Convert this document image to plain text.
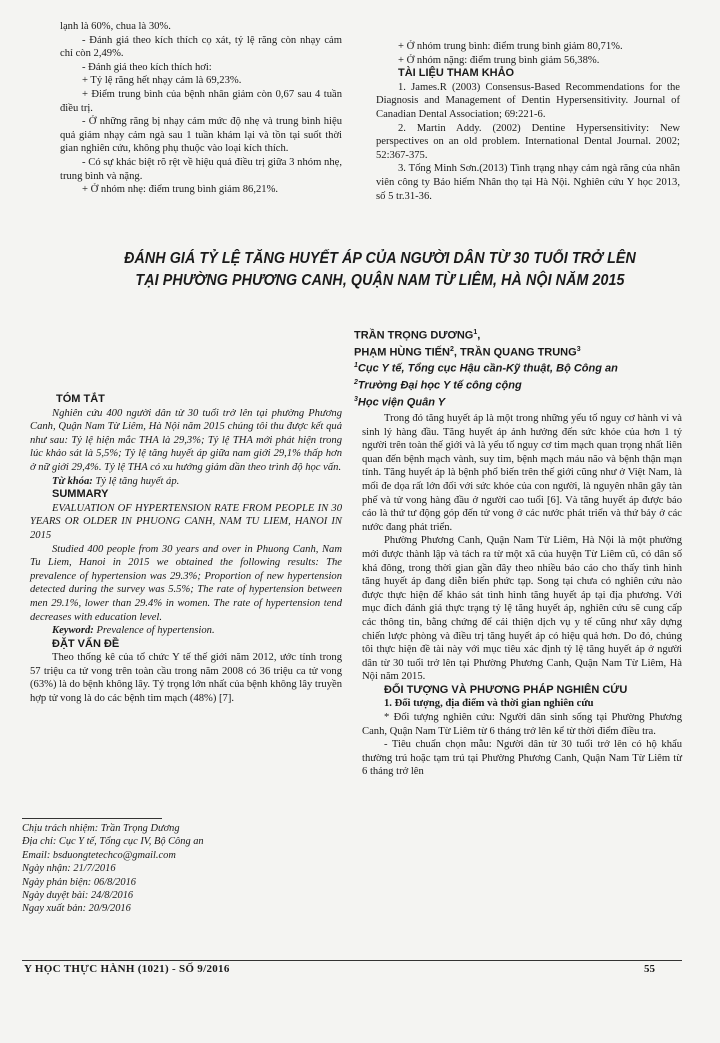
lạnh là 60%, chua là 30%.

- Đánh giá theo kích thích cọ xát, tỷ lệ răng còn nhạy cảm chỉ còn 2,49%.

- Đánh giá theo kích thích hơi:

+ Tỷ lệ răng hết nhạy cảm là 69,23%.

+ Điểm trung bình của bệnh nhân giảm còn 0,67 sau 4 tuần điều trị.

- Ở những răng bị nhạy cảm mức độ nhẹ và trung bình hiệu quả giảm nhạy cảm ngà sau 1 tuần khám lại và tồn tại suốt thời gian nghiên cứu, không phụ thuộc vào loại kích thích.

- Có sự khác biệt rõ rệt về hiệu quả điều trị giữa 3 nhóm nhẹ, trung bình và nặng.

+ Ở nhóm nhẹ: điểm trung bình giảm 86,21%.

+ Ở nhóm trung bình: điểm trung bình giảm 80,71%.

+ Ở nhóm nặng: điểm trung bình giảm 56,38%.

TÀI LIỆU THAM KHẢO

1. James.R (2003) Consensus-Based Recommendations for the Diagnosis and Management of Dentin Hypersensitivity. Journal of Canadian Dental Association; 69:221-6.

2. Martin Addy. (2002) Dentine Hypersensitivity: New perspectives on an old problem. International Dental Journal. 2002; 52:367-375.

3. Tống Minh Sơn.(2013) Tình trạng nhạy cảm ngà răng của nhân viên công ty Bảo hiểm Nhân thọ tại Hà Nội. Nghiên cứu Y học 2013, số 5 tr.31-36.

ĐÁNH GIÁ TỶ LỆ TĂNG HUYẾT ÁP CỦA NGƯỜI DÂN TỪ 30 TUỔI TRỞ LÊN
TẠI PHƯỜNG PHƯƠNG CANH, QUẬN NAM TỪ LIÊM, HÀ NỘI NĂM 2015
TRẦN TRỌNG DƯƠNG$^1$,
PHẠM HÙNG TIẾN$^2$, TRẦN QUANG TRUNG$^3$
$^1$Cục Y tế, Tổng cục Hậu cần-Kỹ thuật, Bộ Công an
$^2$Trường Đại học Y tế công cộng
$^3$Học viện Quân Y

TÓM TẮT

Nghiên cứu 400 người dân từ 30 tuổi trở lên tại phường Phương Canh, Quận Nam Từ Liêm, Hà Nội năm 2015 chúng tôi thu được kết quả như sau: Tỷ lệ hiện mắc THA là 29,3%; Tỷ lệ THA mới phát hiện trong lúc khảo sát là 5,5%; Tỷ lệ tăng huyết áp giữa nam giới 29,1% thấp hơn ở nữ giới 29,4%. Tỷ lệ THA có xu hướng giảm dần theo trình độ học vấn.

Từ khóa: Tỷ lệ tăng huyết áp.

SUMMARY

EVALUATION OF HYPERTENSION RATE FROM PEOPLE IN 30 YEARS OR OLDER IN PHUONG CANH, NAM TU LIEM, HANOI IN 2015

Studied 400 people from 30 years and over in Phuong Canh, Nam Tu Liem, Hanoi in 2015 we obtained the following results: The prevalence of hypertension was 29.3%; Proportion of new hypertension detected during the survey was 5.5%; The rate of hypertension between men 29.1%, lower than 29.4% in women. The rate of hypertension tend decreases with education level.

Keyword: Prevalence of hypertension.

ĐẶT VẤN ĐỀ

Theo thống kê của tổ chức Y tế thế giới năm 2012, ước tính trong 57 triệu ca tử vong trên toàn cầu trong năm 2008 có 36 triệu ca tử vong (63%) là do bệnh không lây. Tỷ trọng lớn nhất của bệnh không lây truyền hợp tử vong là do các bệnh tim mạch (48%) [7].

Chịu trách nhiệm: Trần Trọng Dương
Địa chỉ: Cục Y tế, Tổng cục IV, Bộ Công an
Email: bsduongtetechco@gmail.com
Ngày nhận: 21/7/2016
Ngày phản biện: 06/8/2016
Ngày duyệt bài: 24/8/2016
Ngay xuất bản: 20/9/2016

Trong đó tăng huyết áp là một trong những yếu tố nguy cơ hành vi và sinh lý hàng đầu. Tăng huyết áp ảnh hưởng đến sức khỏe của hơn 1 tỷ người trên toàn thế giới và là yếu tố nguy cơ tim mạch quan trọng nhất liên quan đến bệnh mạch vành, suy tim, bệnh mạch máu não và bệnh thận mạn tính. Tăng huyết áp là bệnh phổ biến trên thế giới cũng như ở Việt Nam, là mối đe dọa rất lớn đối với sức khỏe của con người, là nguyên nhân gây tàn phế và tử vong hàng đầu ở người cao tuổi [6]. Và tăng huyết áp được báo cáo là thứ tư động góp đến tử vong ở các nước phát triển và thứ bảy ở các nước đang phát triển.

Phường Phương Canh, Quận Nam Từ Liêm, Hà Nội là một phường mới được thành lập và tách ra từ một xã của huyện Từ Liêm cũ, có dân số khá đông, trong thời gian gần đây theo nhiều báo cáo cho thấy tình hình tăng huyết áp đang diễn biến phức tạp. Song tại chưa có nghiên cứu nào được thực hiện để khảo sát tình hình tăng huyết áp tại địa phương. Với mục đích đánh giá thực trạng tỷ lệ tăng huyết áp, nghiên cứu sẽ cung cấp các thông tin, bằng chứng để cải thiện dịch vụ y tế cũng như xây dựng chiến lược phòng và điều trị tăng huyết áp có hiệu quả hơn. Do đó, chúng tôi thực hiện đề tài này với mục tiêu xác định tỷ lệ tăng huyết áp ở người dân từ 30 tuổi trở lên tại Phường Phương Canh, Quận Nam Từ Liêm, Hà Nội năm 2015.

ĐỐI TƯỢNG VÀ PHƯƠNG PHÁP NGHIÊN CỨU

1. Đối tượng, địa điểm và thời gian nghiên cứu

* Đối tượng nghiên cứu: Người dân sinh sống tại Phường Phương Canh, Quận Nam Từ Liêm từ 6 tháng trở lên kể từ thời điểm điều tra.

- Tiêu chuẩn chọn mẫu: Người dân từ 30 tuổi trở lên có hộ khẩu thường trú hoặc tạm trú tại Phường Phương Canh, Quận Nam Từ Liêm từ 6 tháng trở lên

Y HỌC THỰC HÀNH (1021) - SỐ 9/2016	55
